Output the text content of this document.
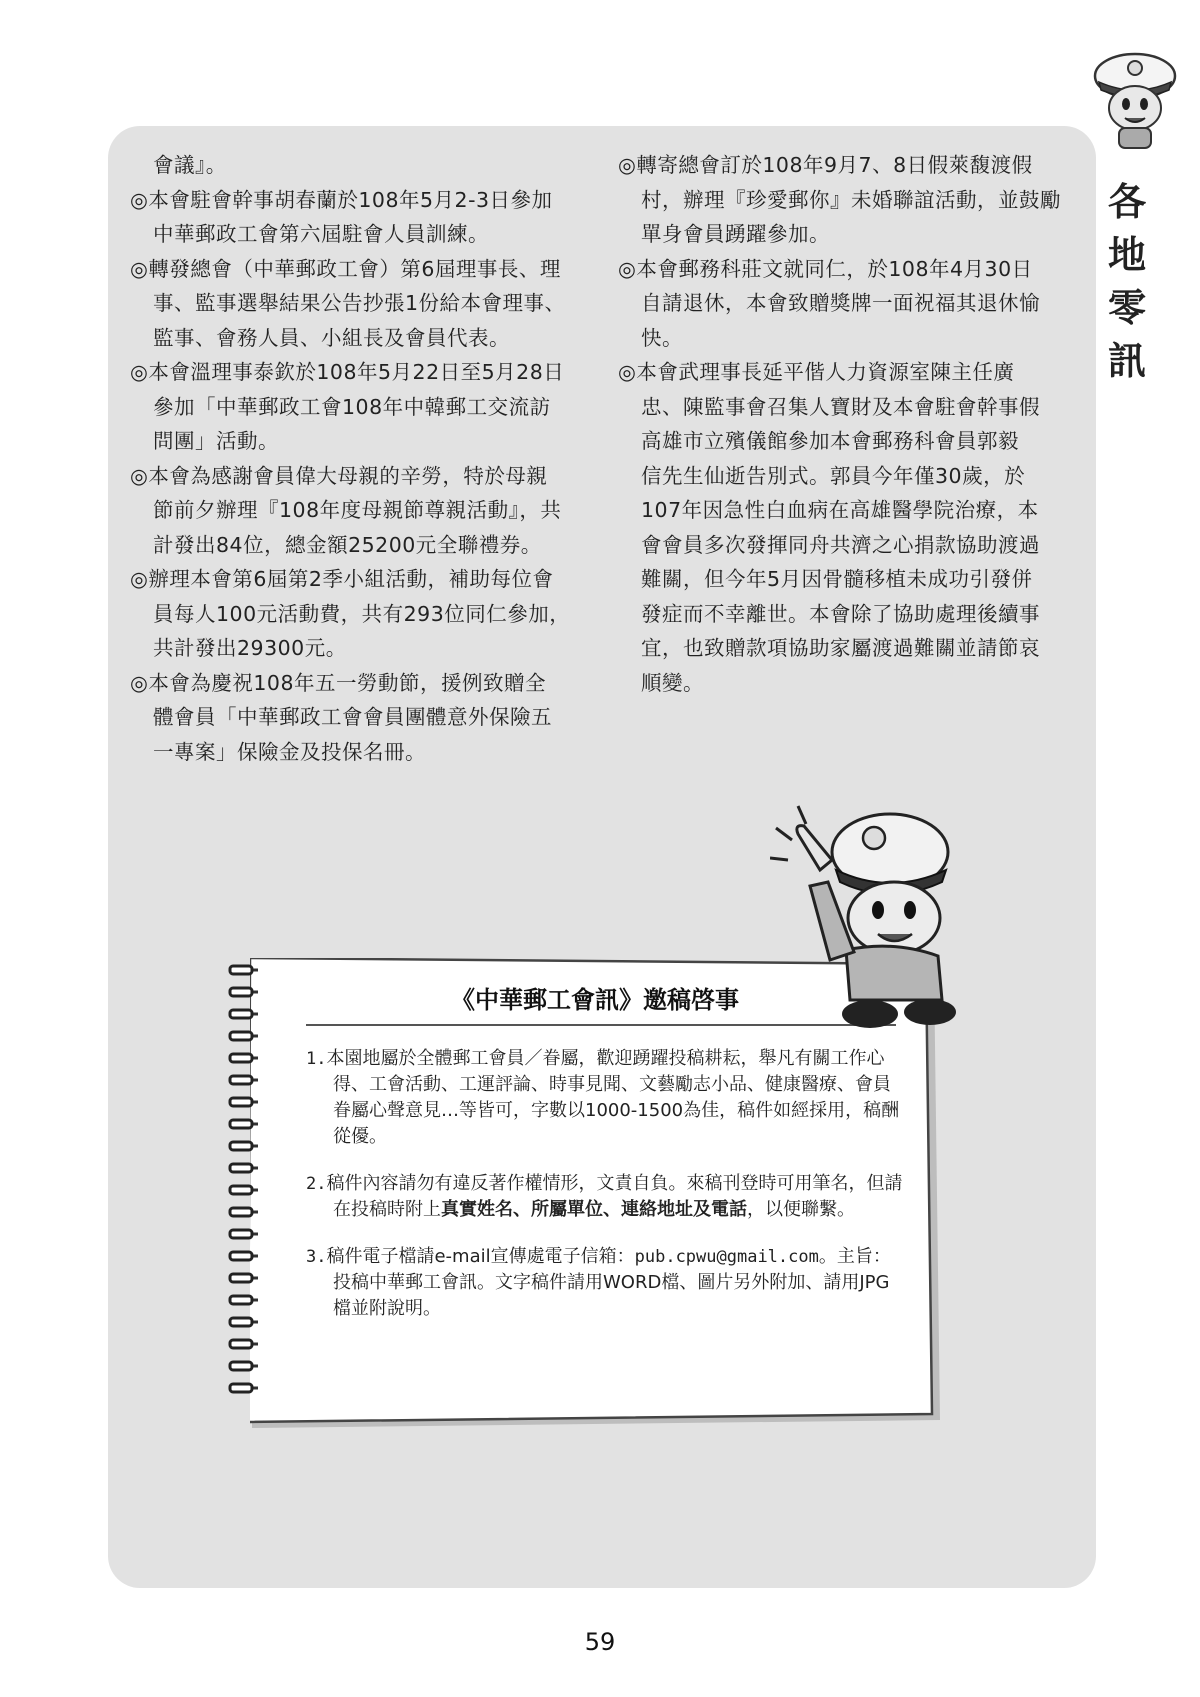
各
地
零
訊

會議』。

◎本會駐會幹事胡春蘭於108年5月2-3日參加
中華郵政工會第六屆駐會人員訓練。

◎轉發總會（中華郵政工會）第6屆理事長、理
事、監事選舉結果公告抄張1份給本會理事、
監事、會務人員、小組長及會員代表。

◎本會溫理事泰欽於108年5月22日至5月28日
參加「中華郵政工會108年中韓郵工交流訪
問團」活動。

◎本會為感謝會員偉大母親的辛勞，特於母親
節前夕辦理『108年度母親節尊親活動』，共
計發出84位，總金額25200元全聯禮券。

◎辦理本會第6屆第2季小組活動，補助每位會
員每人100元活動費，共有293位同仁參加，
共計發出29300元。

◎本會為慶祝108年五一勞動節，援例致贈全
體會員「中華郵政工會會員團體意外保險五
一專案」保險金及投保名冊。

◎轉寄總會訂於108年9月7、8日假萊馥渡假
村，辦理『珍愛郵你』未婚聯誼活動，並鼓勵
單身會員踴躍參加。

◎本會郵務科莊文就同仁，於108年4月30日
自請退休，本會致贈獎牌一面祝福其退休愉
快。

◎本會武理事長延平偕人力資源室陳主任廣
忠、陳監事會召集人寶財及本會駐會幹事假
高雄市立殯儀館參加本會郵務科會員郭毅
信先生仙逝告別式。郭員今年僅30歲，於
107年因急性白血病在高雄醫學院治療，本
會會員多次發揮同舟共濟之心捐款協助渡過
難關，但今年5月因骨髓移植未成功引發併
發症而不幸離世。本會除了協助處理後續事
宜，也致贈款項協助家屬渡過難關並請節哀
順變。

《中華郵工會訊》邀稿啓事

1.本園地屬於全體郵工會員／眷屬，歡迎踴躍投稿耕耘，舉凡有關工作心得、工會活動、工運評論、時事見聞、文藝勵志小品、健康醫療、會員眷屬心聲意見…等皆可，字數以1000-1500為佳，稿件如經採用，稿酬從優。

2.稿件內容請勿有違反著作權情形，文責自負。來稿刊登時可用筆名，但請在投稿時附上真實姓名、所屬單位、連絡地址及電話，以便聯繫。

3.稿件電子檔請e-mail宣傳處電子信箱：pub.cpwu@gmail.com。主旨：投稿中華郵工會訊。文字稿件請用WORD檔、圖片另外附加、請用JPG檔並附說明。

59
